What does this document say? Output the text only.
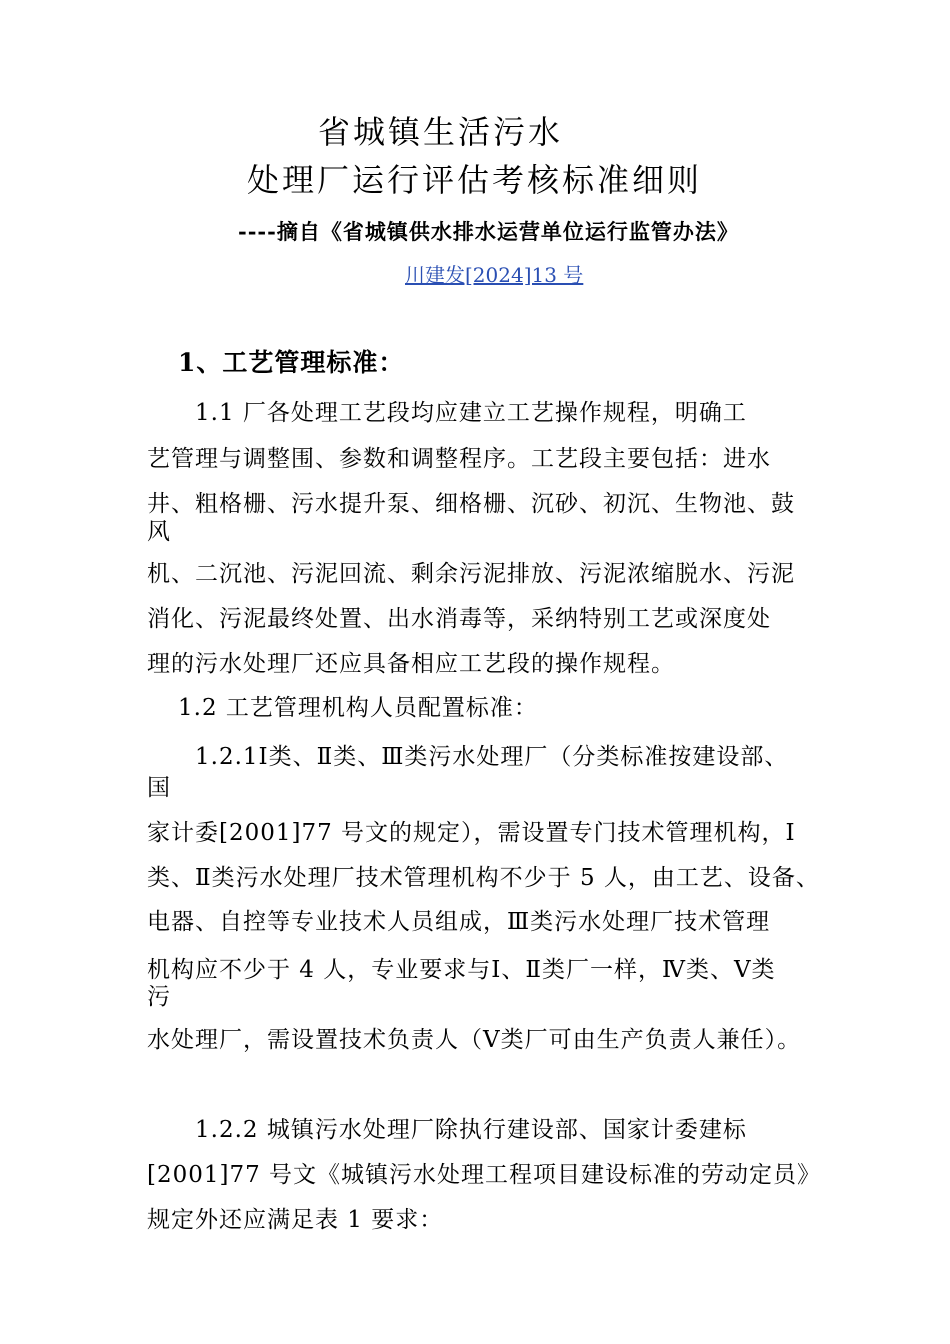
省城镇生活污水
处理厂运行评估考核标准细则
----摘自《省城镇供水排水运营单位运行监管办法》
川建发[2024]13 号
1、工艺管理标准：
1.1 厂各处理工艺段均应建立工艺操作规程，明确工
艺管理与调整围、参数和调整程序。工艺段主要包括：进水
井、粗格栅、污水提升泵、细格栅、沉砂、初沉、生物池、鼓
风
机、二沉池、污泥回流、剩余污泥排放、污泥浓缩脱水、污泥
消化、污泥最终处置、出水消毒等，采纳特别工艺或深度处
理的污水处理厂还应具备相应工艺段的操作规程。
1.2 工艺管理机构人员配置标准：
1.2.1Ⅰ类、Ⅱ类、Ⅲ类污水处理厂（分类标准按建设部、
国
家计委[2001]77 号文的规定），需设置专门技术管理机构，Ⅰ
类、Ⅱ类污水处理厂技术管理机构不少于 5 人，由工艺、设备、
电器、自控等专业技术人员组成，Ⅲ类污水处理厂技术管理
机构应不少于 4 人，专业要求与Ⅰ、Ⅱ类厂一样，Ⅳ类、Ⅴ类
污
水处理厂，需设置技术负责人（Ⅴ类厂可由生产负责人兼任）。
1.2.2 城镇污水处理厂除执行建设部、国家计委建标
[2001]77 号文《城镇污水处理工程项目建设标准的劳动定员》
规定外还应满足表 1 要求：
